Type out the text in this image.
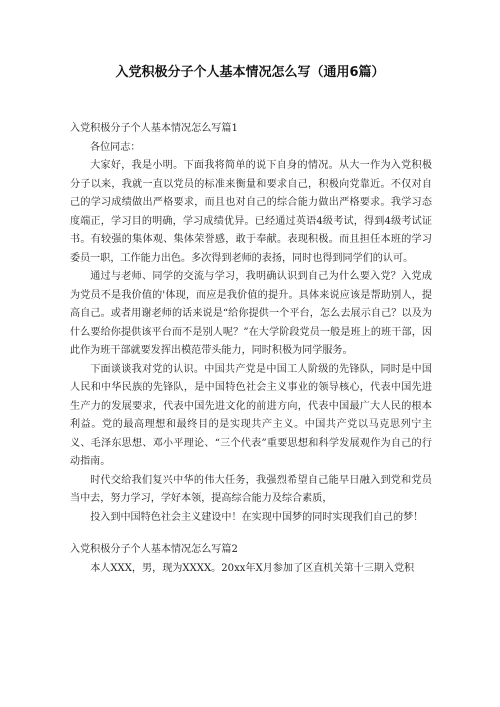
入党积极分子个人基本情况怎么写（通用6篇）
入党积极分子个人基本情况怎么写篇1
各位同志：

大家好，我是小明。下面我将简单的说下自身的情况。从大一作为入党积极分子以来，我就一直以党员的标准来衡量和要求自己，积极向党靠近。不仅对自己的学习成绩做出严格要求，而且也对自己的综合能力做出严格要求。我学习态度端正，学习目的明确，学习成绩优异。已经通过英语4级考试，得到4级考试证书。有较强的集体观、集体荣誉感，敢于奉献。表现积极。而且担任本班的学习委员一职，工作能力出色。多次得到老师的表扬，同时也得到同学们的认可。

通过与老师、同学的交流与学习，我明确认识到自己为什么要入党？入党成为党员不是我价值的'体现，而应是我价值的提升。具体来说应该是帮助别人，提高自己。或者用谢老师的话来说是“给你提供一个平台，怎么去展示自己？以及为什么要给你提供该平台而不是别人呢？”在大学阶段党员一般是班上的班干部，因此作为班干部就要发挥出模范带头能力，同时积极为同学服务。

下面谈谈我对党的认识。中国共产党是中国工人阶级的先锋队，同时是中国人民和中华民族的先锋队，是中国特色社会主义事业的领导核心，代表中国先进生产力的发展要求，代表中国先进文化的前进方向，代表中国最广大人民的根本利益。党的最高理想和最终目的是实现共产主义。中国共产党以马克思列宁主义、毛泽东思想、邓小平理论、“三个代表”重要思想和科学发展观作为自己的行动指南。

时代交给我们复兴中华的伟大任务，我强烈希望自己能早日融入到党和党员当中去，努力学习，学好本领，提高综合能力及综合素质，

投入到中国特色社会主义建设中！在实现中国梦的同时实现我们自己的梦！

入党积极分子个人基本情况怎么写篇2

本人XXX，男，现为XXXX。20xx年X月参加了区直机关第十三期入党积
